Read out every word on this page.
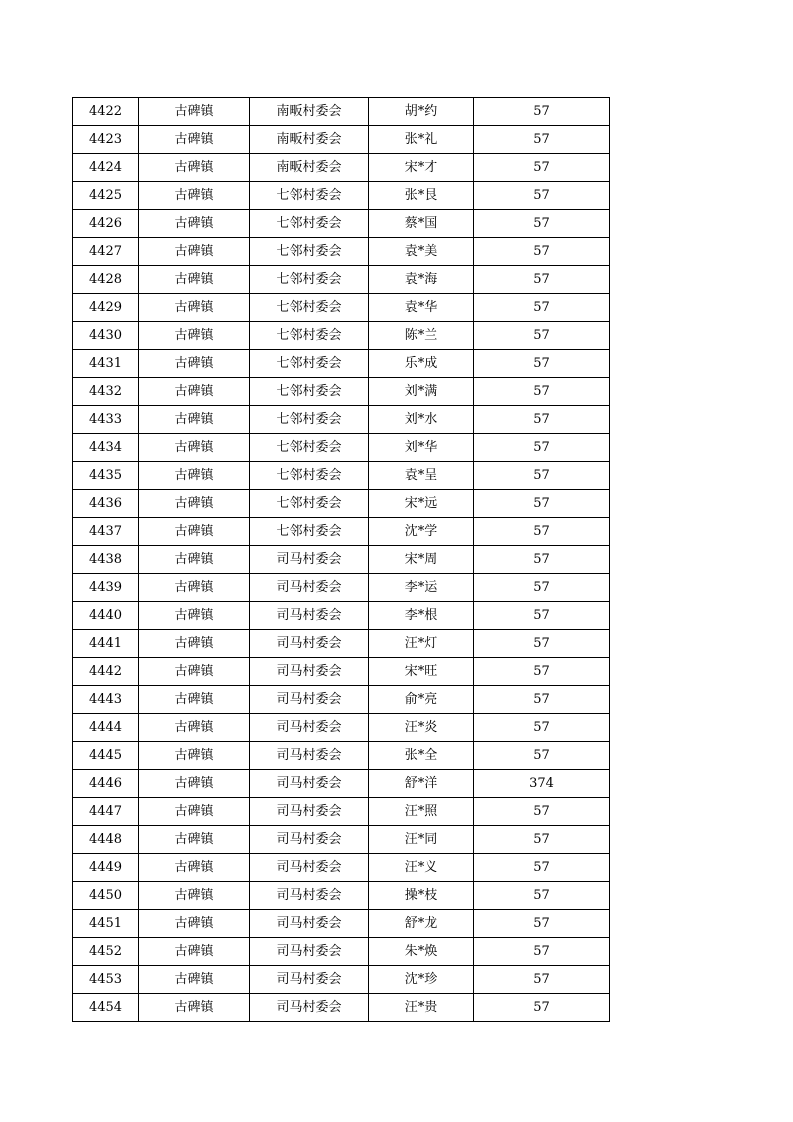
4422	古碑镇	南畈村委会	胡*约	57
4423	古碑镇	南畈村委会	张*礼	57
4424	古碑镇	南畈村委会	宋*才	57
4425	古碑镇	七邻村委会	张*艮	57
4426	古碑镇	七邻村委会	蔡*国	57
4427	古碑镇	七邻村委会	袁*美	57
4428	古碑镇	七邻村委会	袁*海	57
4429	古碑镇	七邻村委会	袁*华	57
4430	古碑镇	七邻村委会	陈*兰	57
4431	古碑镇	七邻村委会	乐*成	57
4432	古碑镇	七邻村委会	刘*满	57
4433	古碑镇	七邻村委会	刘*水	57
4434	古碑镇	七邻村委会	刘*华	57
4435	古碑镇	七邻村委会	袁*呈	57
4436	古碑镇	七邻村委会	宋*远	57
4437	古碑镇	七邻村委会	沈*学	57
4438	古碑镇	司马村委会	宋*周	57
4439	古碑镇	司马村委会	李*运	57
4440	古碑镇	司马村委会	李*根	57
4441	古碑镇	司马村委会	汪*灯	57
4442	古碑镇	司马村委会	宋*旺	57
4443	古碑镇	司马村委会	俞*亮	57
4444	古碑镇	司马村委会	汪*炎	57
4445	古碑镇	司马村委会	张*全	57
4446	古碑镇	司马村委会	舒*洋	374
4447	古碑镇	司马村委会	汪*照	57
4448	古碑镇	司马村委会	汪*同	57
4449	古碑镇	司马村委会	汪*义	57
4450	古碑镇	司马村委会	操*枝	57
4451	古碑镇	司马村委会	舒*龙	57
4452	古碑镇	司马村委会	朱*焕	57
4453	古碑镇	司马村委会	沈*珍	57
4454	古碑镇	司马村委会	汪*贵	57
